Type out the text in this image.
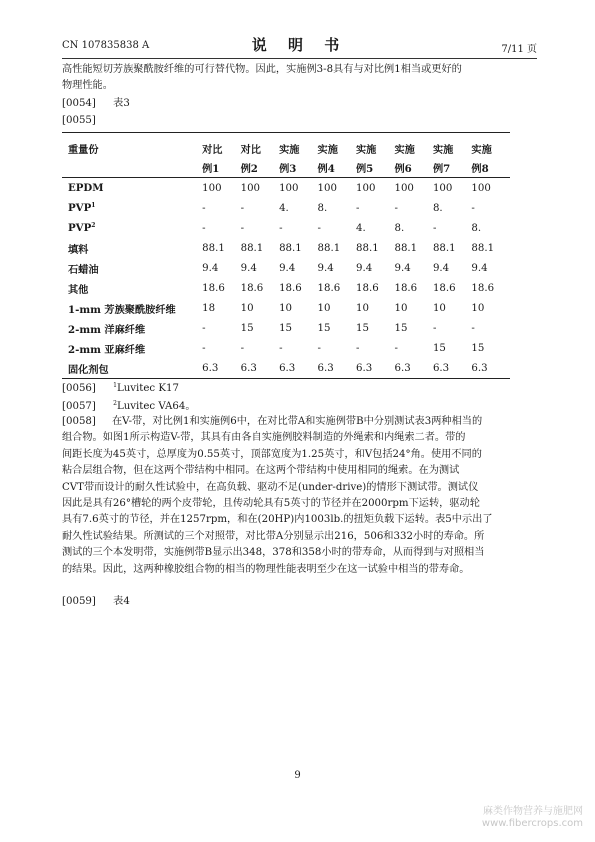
CN 107835838 A	说 明 书	7/11 页
高性能短切芳族聚酰胺纤维的可行替代物。因此，实施例3-8具有与对比例1相当或更好的
物理性能。
[0054] 表3
[0055]
重量份	对比	对比	实施	实施	实施	实施	实施	实施
	例1	例2	例3	例4	例5	例6	例7	例8
EPDM	100	100	100	100	100	100	100	100
PVP$^1$	-	-	4.	8.	-	-	8.	-
PVP$^2$	-	-	-	-	4.	8.	-	8.
填料	88.1	88.1	88.1	88.1	88.1	88.1	88.1	88.1
石蜡油	9.4	9.4	9.4	9.4	9.4	9.4	9.4	9.4
其他	18.6	18.6	18.6	18.6	18.6	18.6	18.6	18.6
1-mm 芳族聚酰胺纤维	18	10	10	10	10	10	10	10
2-mm 洋麻纤维	-	15	15	15	15	15	-	-
2-mm 亚麻纤维	-	-	-	-	-	-	15	15
固化剂包	6.3	6.3	6.3	6.3	6.3	6.3	6.3	6.3
[0056]	$^1$Luvitec K17
[0057]	$^2$Luvitec VA64。
[0058]	在V-带，对比例1和实施例6中，在对比带A和实施例带B中分别测试表3两种相当的
组合物。如图1所示构造V-带，其具有由各自实施例胶料制造的外绳索和内绳索二者。带的
间距长度为45英寸，总厚度为0.55英寸，顶部宽度为1.25英寸，和V包括24°角。使用不同的
粘合层组合物，但在这两个带结构中相同。在这两个带结构中使用相同的绳索。在为测试
CVT带而设计的耐久性试验中，在高负载、驱动不足(under-drive)的情形下测试带。测试仪
因此是具有26°槽轮的两个皮带轮，且传动轮具有5英寸的节径并在2000rpm下运转，驱动轮
具有7.6英寸的节径，并在1257rpm，和在(20HP)内1003lb.的扭矩负载下运转。表5中示出了
耐久性试验结果。所测试的三个对照带，对比带A分别显示出216，506和332小时的寿命。所
测试的三个本发明带，实施例带B显示出348，378和358小时的带寿命，从而得到与对照相当
的结果。因此，这两种橡胶组合物的相当的物理性能表明至少在这一试验中相当的带寿命。
[0059] 表4
9
麻类作物营养与施肥网
www.fibercrops.com
